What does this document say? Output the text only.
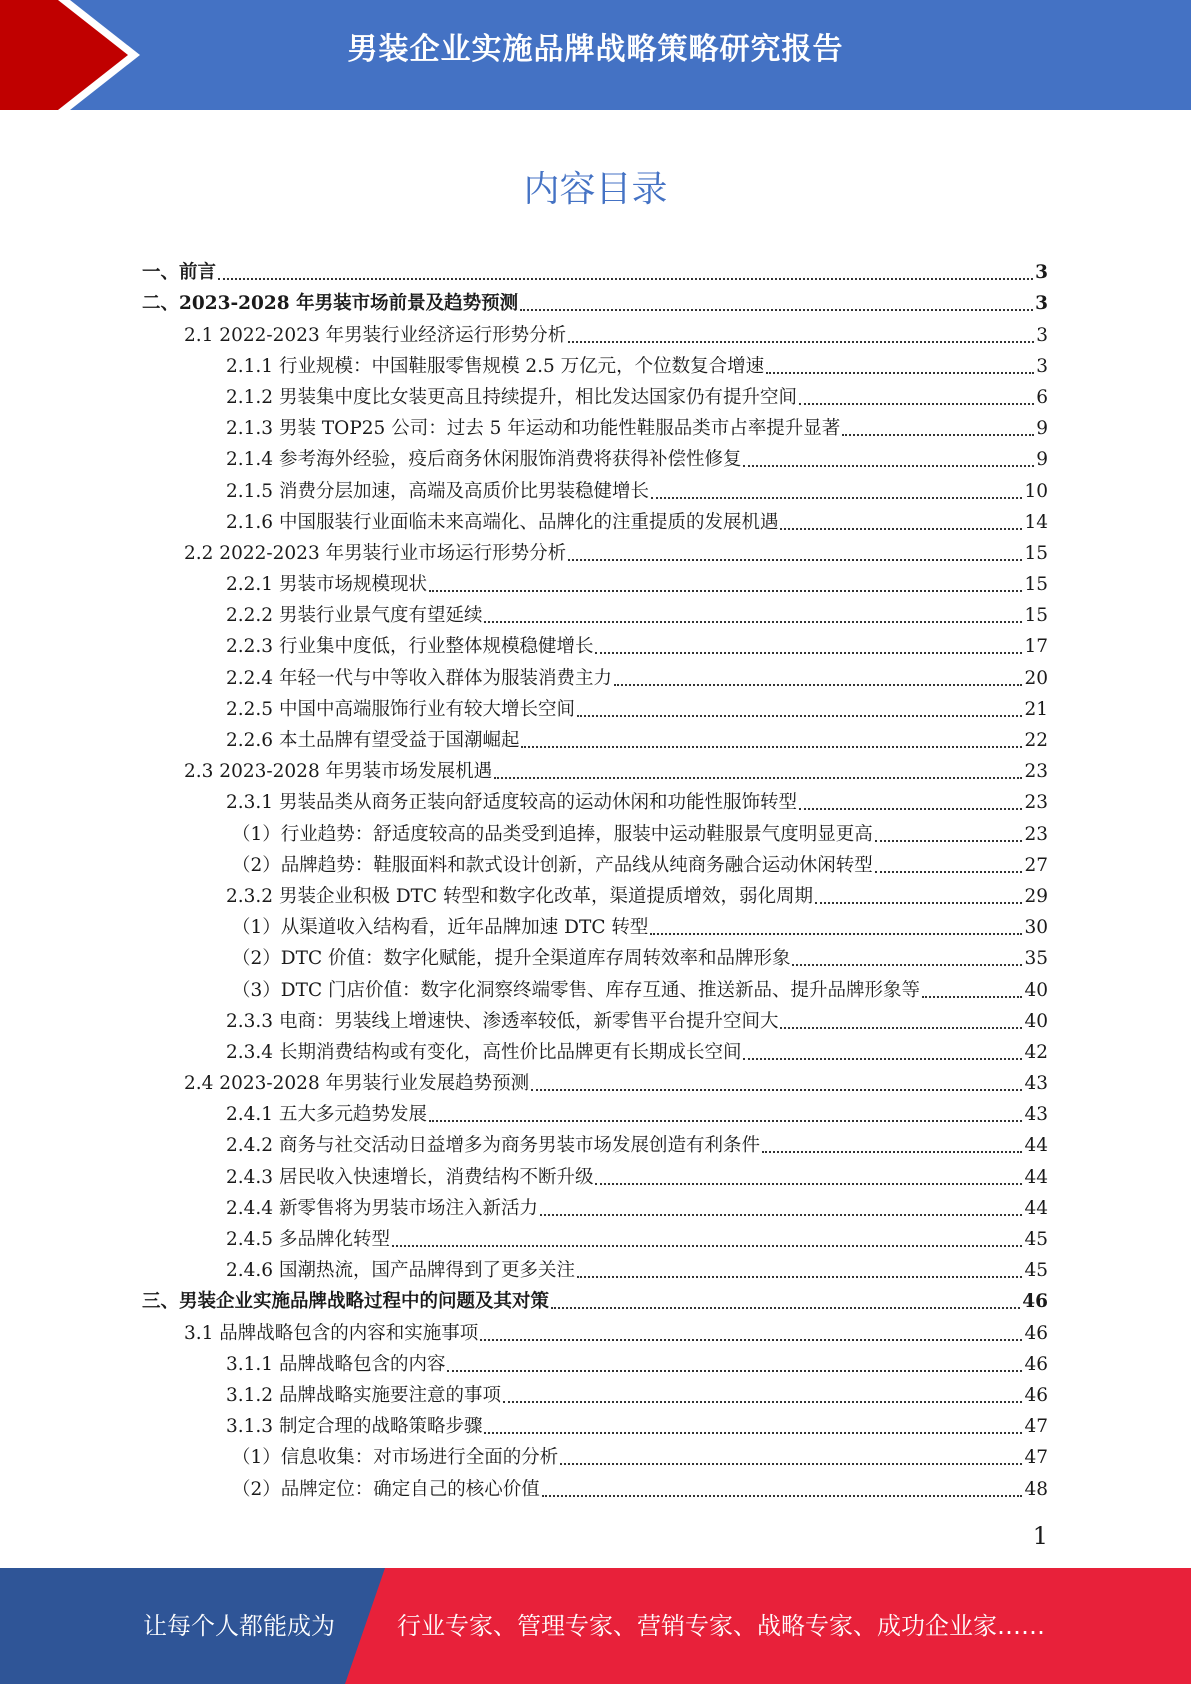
男装企业实施品牌战略策略研究报告
内容目录
一、前言	3
二、2023-2028 年男装市场前景及趋势预测	3
2.1 2022-2023 年男装行业经济运行形势分析	3
2.1.1 行业规模：中国鞋服零售规模 2.5 万亿元，个位数复合增速	3
2.1.2 男装集中度比女装更高且持续提升，相比发达国家仍有提升空间	6
2.1.3 男装 TOP25 公司：过去 5 年运动和功能性鞋服品类市占率提升显著	9
2.1.4 参考海外经验，疫后商务休闲服饰消费将获得补偿性修复	9
2.1.5 消费分层加速，高端及高质价比男装稳健增长	10
2.1.6 中国服装行业面临未来高端化、品牌化的注重提质的发展机遇	14
2.2 2022-2023 年男装行业市场运行形势分析	15
2.2.1 男装市场规模现状	15
2.2.2 男装行业景气度有望延续	15
2.2.3 行业集中度低，行业整体规模稳健增长	17
2.2.4 年轻一代与中等收入群体为服装消费主力	20
2.2.5 中国中高端服饰行业有较大增长空间	21
2.2.6 本土品牌有望受益于国潮崛起	22
2.3 2023-2028 年男装市场发展机遇	23
2.3.1 男装品类从商务正装向舒适度较高的运动休闲和功能性服饰转型	23
（1）行业趋势：舒适度较高的品类受到追捧，服装中运动鞋服景气度明显更高	23
（2）品牌趋势：鞋服面料和款式设计创新，产品线从纯商务融合运动休闲转型	27
2.3.2 男装企业积极 DTC 转型和数字化改革，渠道提质增效，弱化周期	29
（1）从渠道收入结构看，近年品牌加速 DTC 转型	30
（2）DTC 价值：数字化赋能，提升全渠道库存周转效率和品牌形象	35
（3）DTC 门店价值：数字化洞察终端零售、库存互通、推送新品、提升品牌形象等	40
2.3.3 电商：男装线上增速快、渗透率较低，新零售平台提升空间大	40
2.3.4 长期消费结构或有变化，高性价比品牌更有长期成长空间	42
2.4 2023-2028 年男装行业发展趋势预测	43
2.4.1 五大多元趋势发展	43
2.4.2 商务与社交活动日益增多为商务男装市场发展创造有利条件	44
2.4.3 居民收入快速增长，消费结构不断升级	44
2.4.4 新零售将为男装市场注入新活力	44
2.4.5 多品牌化转型	45
2.4.6 国潮热流，国产品牌得到了更多关注	45
三、男装企业实施品牌战略过程中的问题及其对策	46
3.1 品牌战略包含的内容和实施事项	46
3.1.1 品牌战略包含的内容	46
3.1.2 品牌战略实施要注意的事项	46
3.1.3 制定合理的战略策略步骤	47
（1）信息收集：对市场进行全面的分析	47
（2）品牌定位：确定自己的核心价值	48
1
让每个人都能成为	行业专家、管理专家、营销专家、战略专家、成功企业家……
